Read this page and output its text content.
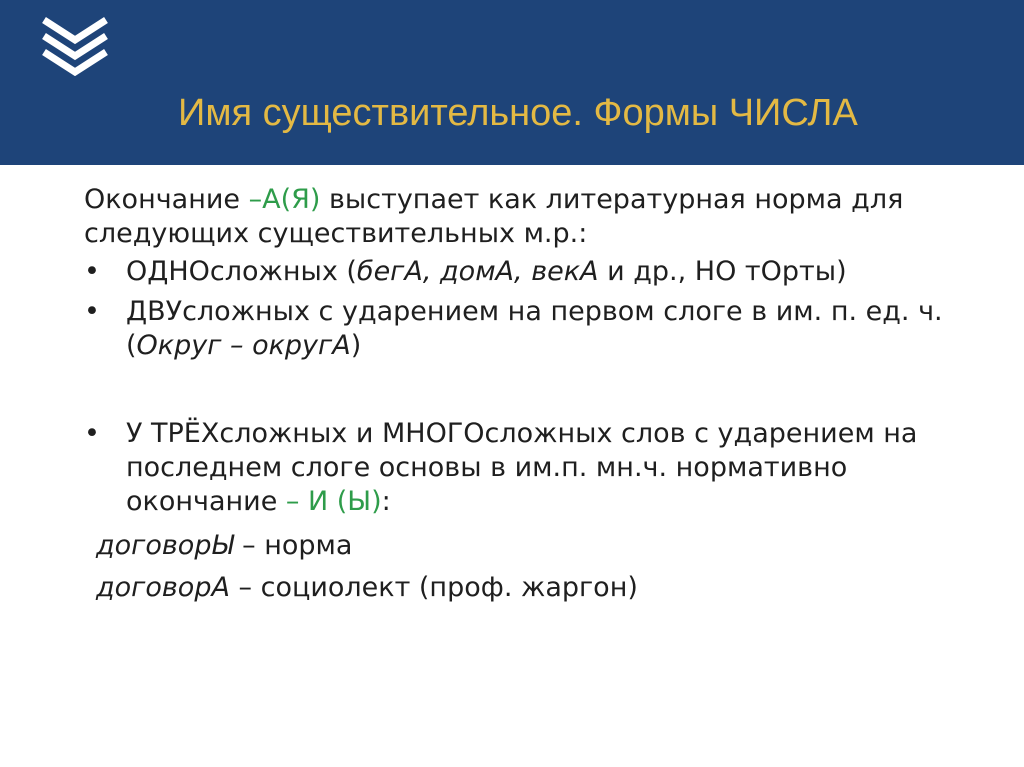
Имя существительное. Формы ЧИСЛА

Окончание –А(Я) выступает как литературная норма для следующих существительных м.р.:

• ОДНОсложных (бегА, домА, векА и др., НО тОрты)
• ДВУсложных с ударением на первом слоге в им. п. ед. ч. (Округ – округА)
• У ТРЁХсложных и МНОГОсложных слов с ударением на последнем слоге основы в им.п. мн.ч. нормативно окончание – И (Ы):
договорЫ – норма
договорА – социолект (проф. жаргон)
